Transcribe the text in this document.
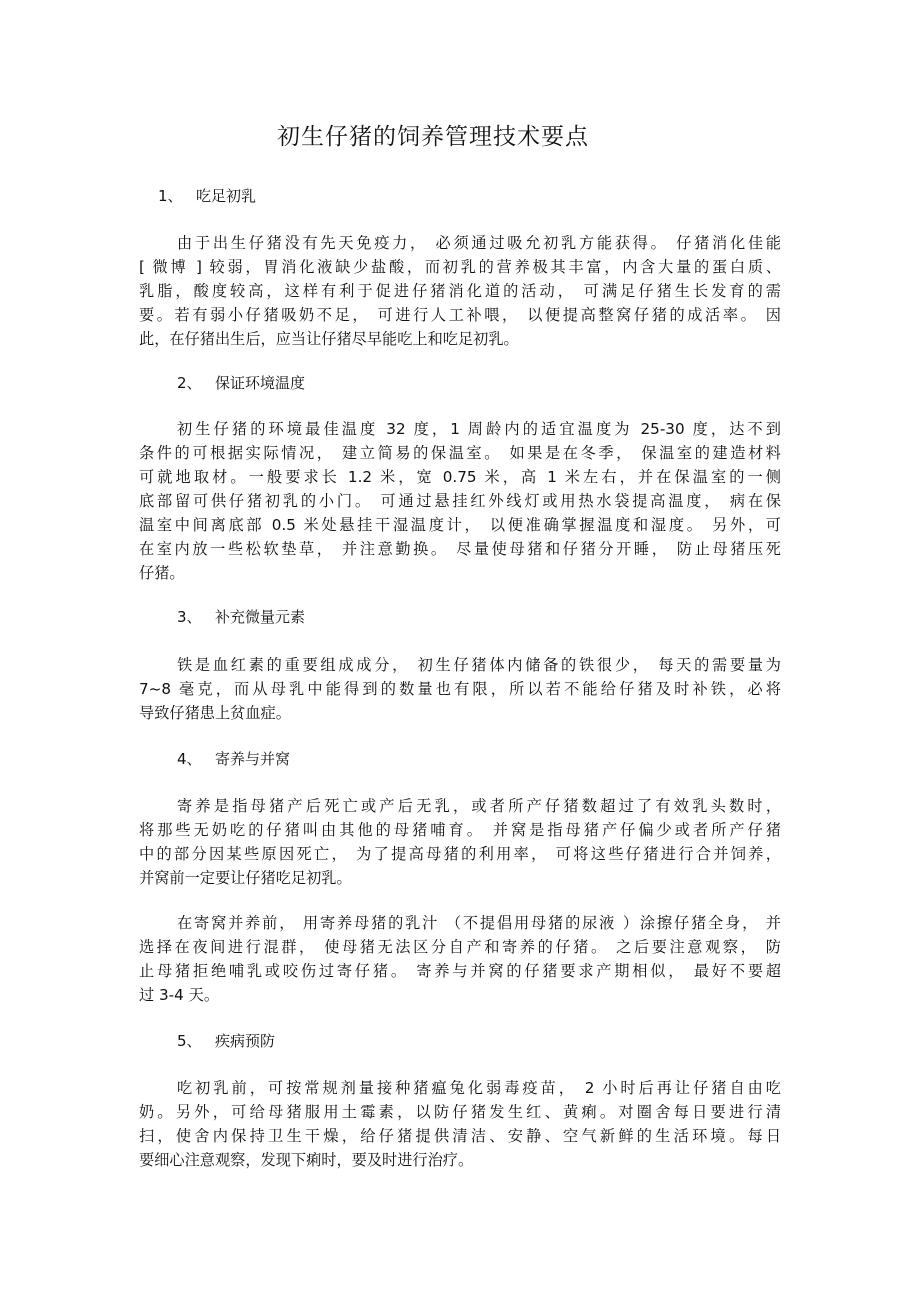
初生仔猪的饲养管理技术要点
1、 吃足初乳
由于出生仔猪没有先天免疫力， 必须通过吸允初乳方能获得。 仔猪消化佳能
[ 微博 ] 较弱，胃消化液缺少盐酸，而初乳的营养极其丰富，内含大量的蛋白质、
乳脂，酸度较高，这样有利于促进仔猪消化道的活动， 可满足仔猪生长发育的需
要。若有弱小仔猪吸奶不足， 可进行人工补喂， 以便提高整窝仔猪的成活率。 因
此，在仔猪出生后，应当让仔猪尽早能吃上和吃足初乳。
2、 保证环境温度
初生仔猪的环境最佳温度 32 度，1 周龄内的适宜温度为 25-30 度，达不到
条件的可根据实际情况， 建立简易的保温室。 如果是在冬季， 保温室的建造材料
可就地取材。一般要求长 1.2 米，宽 0.75 米，高 1 米左右，并在保温室的一侧
底部留可供仔猪初乳的小门。 可通过悬挂红外线灯或用热水袋提高温度， 病在保
温室中间离底部 0.5 米处悬挂干湿温度计， 以便准确掌握温度和湿度。 另外，可
在室内放一些松软垫草， 并注意勤换。 尽量使母猪和仔猪分开睡， 防止母猪压死
仔猪。
3、 补充微量元素
铁是血红素的重要组成成分， 初生仔猪体内储备的铁很少， 每天的需要量为
7~8 毫克，而从母乳中能得到的数量也有限，所以若不能给仔猪及时补铁，必将
导致仔猪患上贫血症。
4、 寄养与并窝
寄养是指母猪产后死亡或产后无乳，或者所产仔猪数超过了有效乳头数时，
将那些无奶吃的仔猪叫由其他的母猪哺育。 并窝是指母猪产仔偏少或者所产仔猪
中的部分因某些原因死亡， 为了提高母猪的利用率， 可将这些仔猪进行合并饲养，
并窝前一定要让仔猪吃足初乳。
在寄窝并养前， 用寄养母猪的乳汁 （不提倡用母猪的尿液 ）涂擦仔猪全身， 并
选择在夜间进行混群， 使母猪无法区分自产和寄养的仔猪。 之后要注意观察， 防
止母猪拒绝哺乳或咬伤过寄仔猪。 寄养与并窝的仔猪要求产期相似， 最好不要超
过 3-4 天。
5、 疾病预防
吃初乳前，可按常规剂量接种猪瘟兔化弱毒疫苗， 2 小时后再让仔猪自由吃
奶。另外，可给母猪服用土霉素，以防仔猪发生红、黄痢。对圈舍每日要进行清
扫，使舍内保持卫生干燥，给仔猪提供清洁、安静、空气新鲜的生活环境。每日
要细心注意观察，发现下痢时，要及时进行治疗。
